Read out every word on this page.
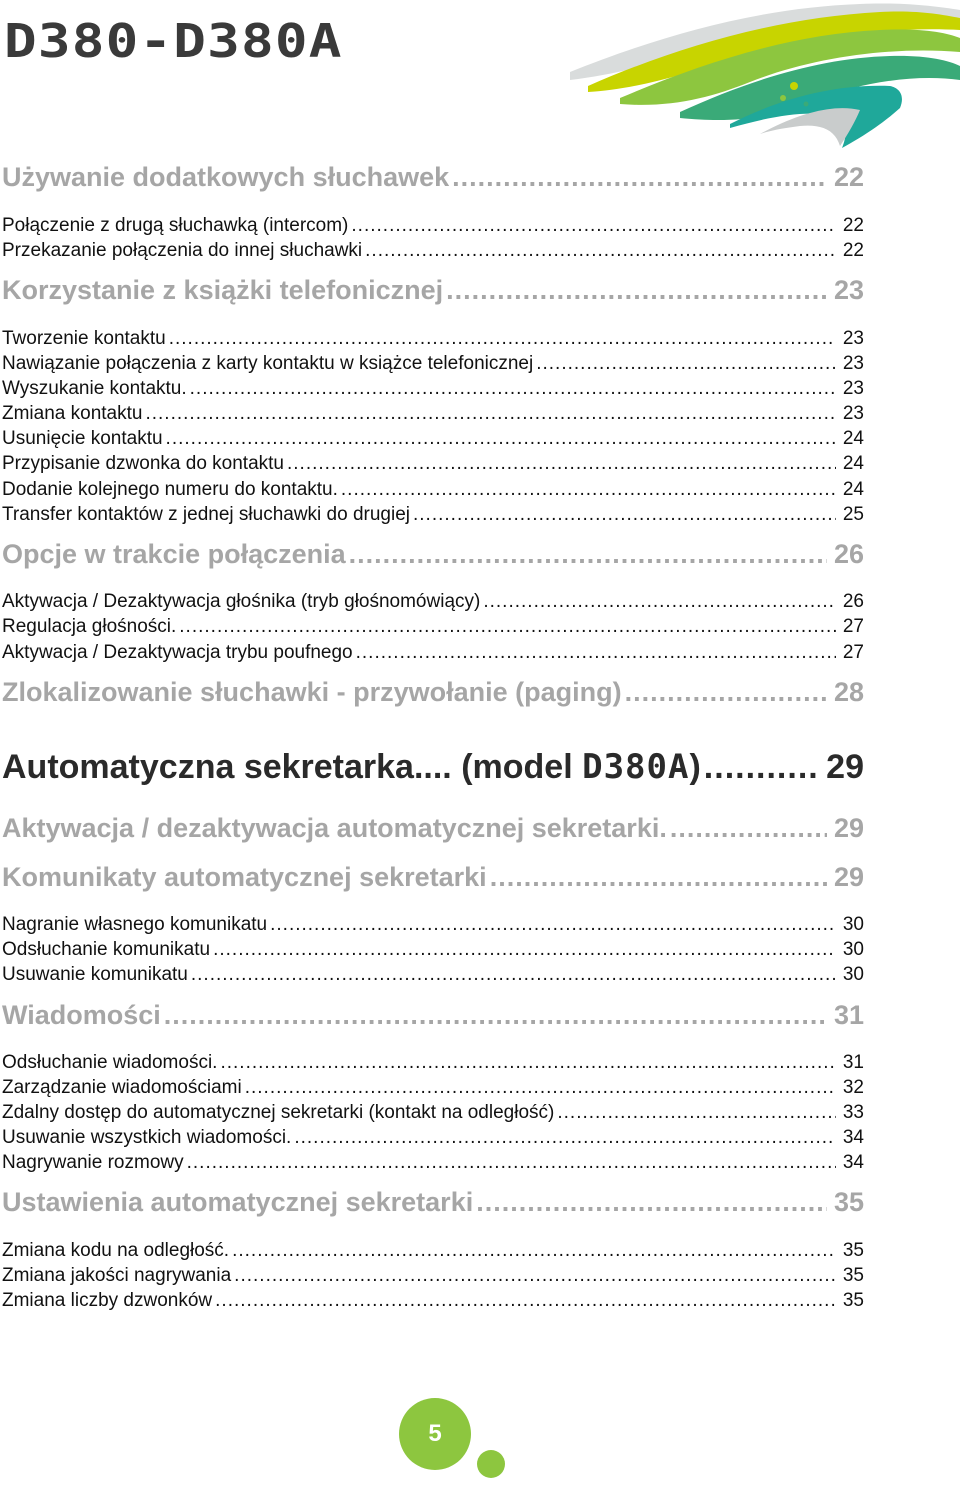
D380-D380A
Używanie dodatkowych słuchawek .....	22
Połączenie z drugą słuchawką (intercom) .....	22
Przekazanie połączenia do innej słuchawki .....	22
Korzystanie z książki telefonicznej .....	23
Tworzenie kontaktu .....	23
Nawiązanie połączenia z karty kontaktu w książce telefonicznej .....	23
Wyszukanie kontaktu. .....	23
Zmiana kontaktu .....	23
Usunięcie kontaktu .....	24
Przypisanie dzwonka do kontaktu .....	24
Dodanie kolejnego numeru do kontaktu. .....	24
Transfer kontaktów z jednej słuchawki do drugiej .....	25
Opcje w trakcie połączenia .....	26
Aktywacja / Dezaktywacja głośnika (tryb głośnomówiący) .....	26
Regulacja głośności. .....	27
Aktywacja / Dezaktywacja trybu poufnego .....	27
Zlokalizowanie słuchawki - przywołanie (paging) .....	28
Automatyczna sekretarka.... (model D380A) .....	29
Aktywacja / dezaktywacja automatycznej sekretarki. .....	29
Komunikaty automatycznej sekretarki .....	29
Nagranie własnego komunikatu .....	30
Odsłuchanie komunikatu .....	30
Usuwanie komunikatu .....	30
Wiadomości .....	31
Odsłuchanie wiadomości. .....	31
Zarządzanie wiadomościami .....	32
Zdalny dostęp do automatycznej sekretarki (kontakt na odległość) .....	33
Usuwanie wszystkich wiadomości. .....	34
Nagrywanie rozmowy .....	34
Ustawienia automatycznej sekretarki .....	35
Zmiana kodu na odległość. .....	35
Zmiana jakości nagrywania .....	35
Zmiana liczby dzwonków .....	35
5
